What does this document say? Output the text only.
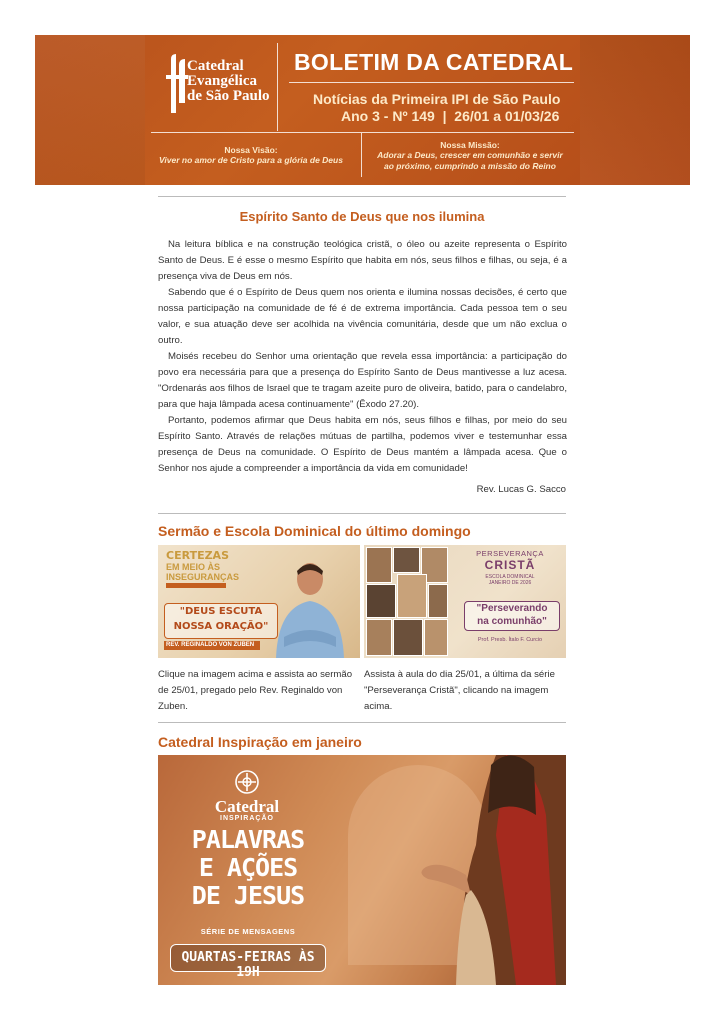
Catedral
Evangélica
de São Paulo
BOLETIM DA CATEDRAL
Notícias da Primeira IPI de São Paulo
Ano 3 - Nº 149  |  26/01 a 01/03/26
Nossa Visão:
Viver no amor de Cristo para a glória de Deus
Nossa Missão:
Adorar a Deus, crescer em comunhão e servir
ao próximo, cumprindo a missão do Reino
Espírito Santo de Deus que nos ilumina

Na leitura bíblica e na construção teológica cristã, o óleo ou azeite representa o Espírito Santo de Deus. E é esse o mesmo Espírito que habita em nós, seus filhos e filhas, ou seja, é a presença viva de Deus em nós.

Sabendo que é o Espírito de Deus quem nos orienta e ilumina nossas decisões, é certo que nossa participação na comunidade de fé é de extrema importância. Cada pessoa tem o seu valor, e sua atuação deve ser acolhida na vivência comunitária, desde que um não exclua o outro.

Moisés recebeu do Senhor uma orientação que revela essa importância: a participação do povo era necessária para que a presença do Espírito Santo de Deus mantivesse a luz acesa. "Ordenarás aos filhos de Israel que te tragam azeite puro de oliveira, batido, para o candelabro, para que haja lâmpada acesa continuamente" (Êxodo 27.20).

Portanto, podemos afirmar que Deus habita em nós, seus filhos e filhas, por meio do seu Espírito Santo. Através de relações mútuas de partilha, podemos viver e testemunhar essa presença de Deus na comunidade. O Espírito de Deus mantém a lâmpada acesa. Que o Senhor nos ajude a compreender a importância da vida em comunidade!

Rev. Lucas G. Sacco
Sermão e Escola Dominical do último domingo
CERTEZAS
EM MEIO ÀS
INSEGURANÇAS
"DEUS ESCUTA
NOSSA ORAÇÃO"
REV. REGINALDO VON ZUBEN
PERSEVERANÇA
CRISTÃ
ESCOLA DOMINICAL
JANEIRO DE 2026
"Perseverando
na comunhão"
Prof. Presb. Ítalo F. Curcio
Clique na imagem acima e assista ao sermão de 25/01, pregado pelo Rev. Reginaldo von Zuben.
Assista à aula do dia 25/01, a última da série "Perseverança Cristã", clicando na imagem acima.
Catedral Inspiração em janeiro
Catedral
INSPIRAÇÃO
PALAVRAS
E AÇÕES
DE JESUS
SÉRIE DE MENSAGENS
QUARTAS-FEIRAS ÀS 19H
